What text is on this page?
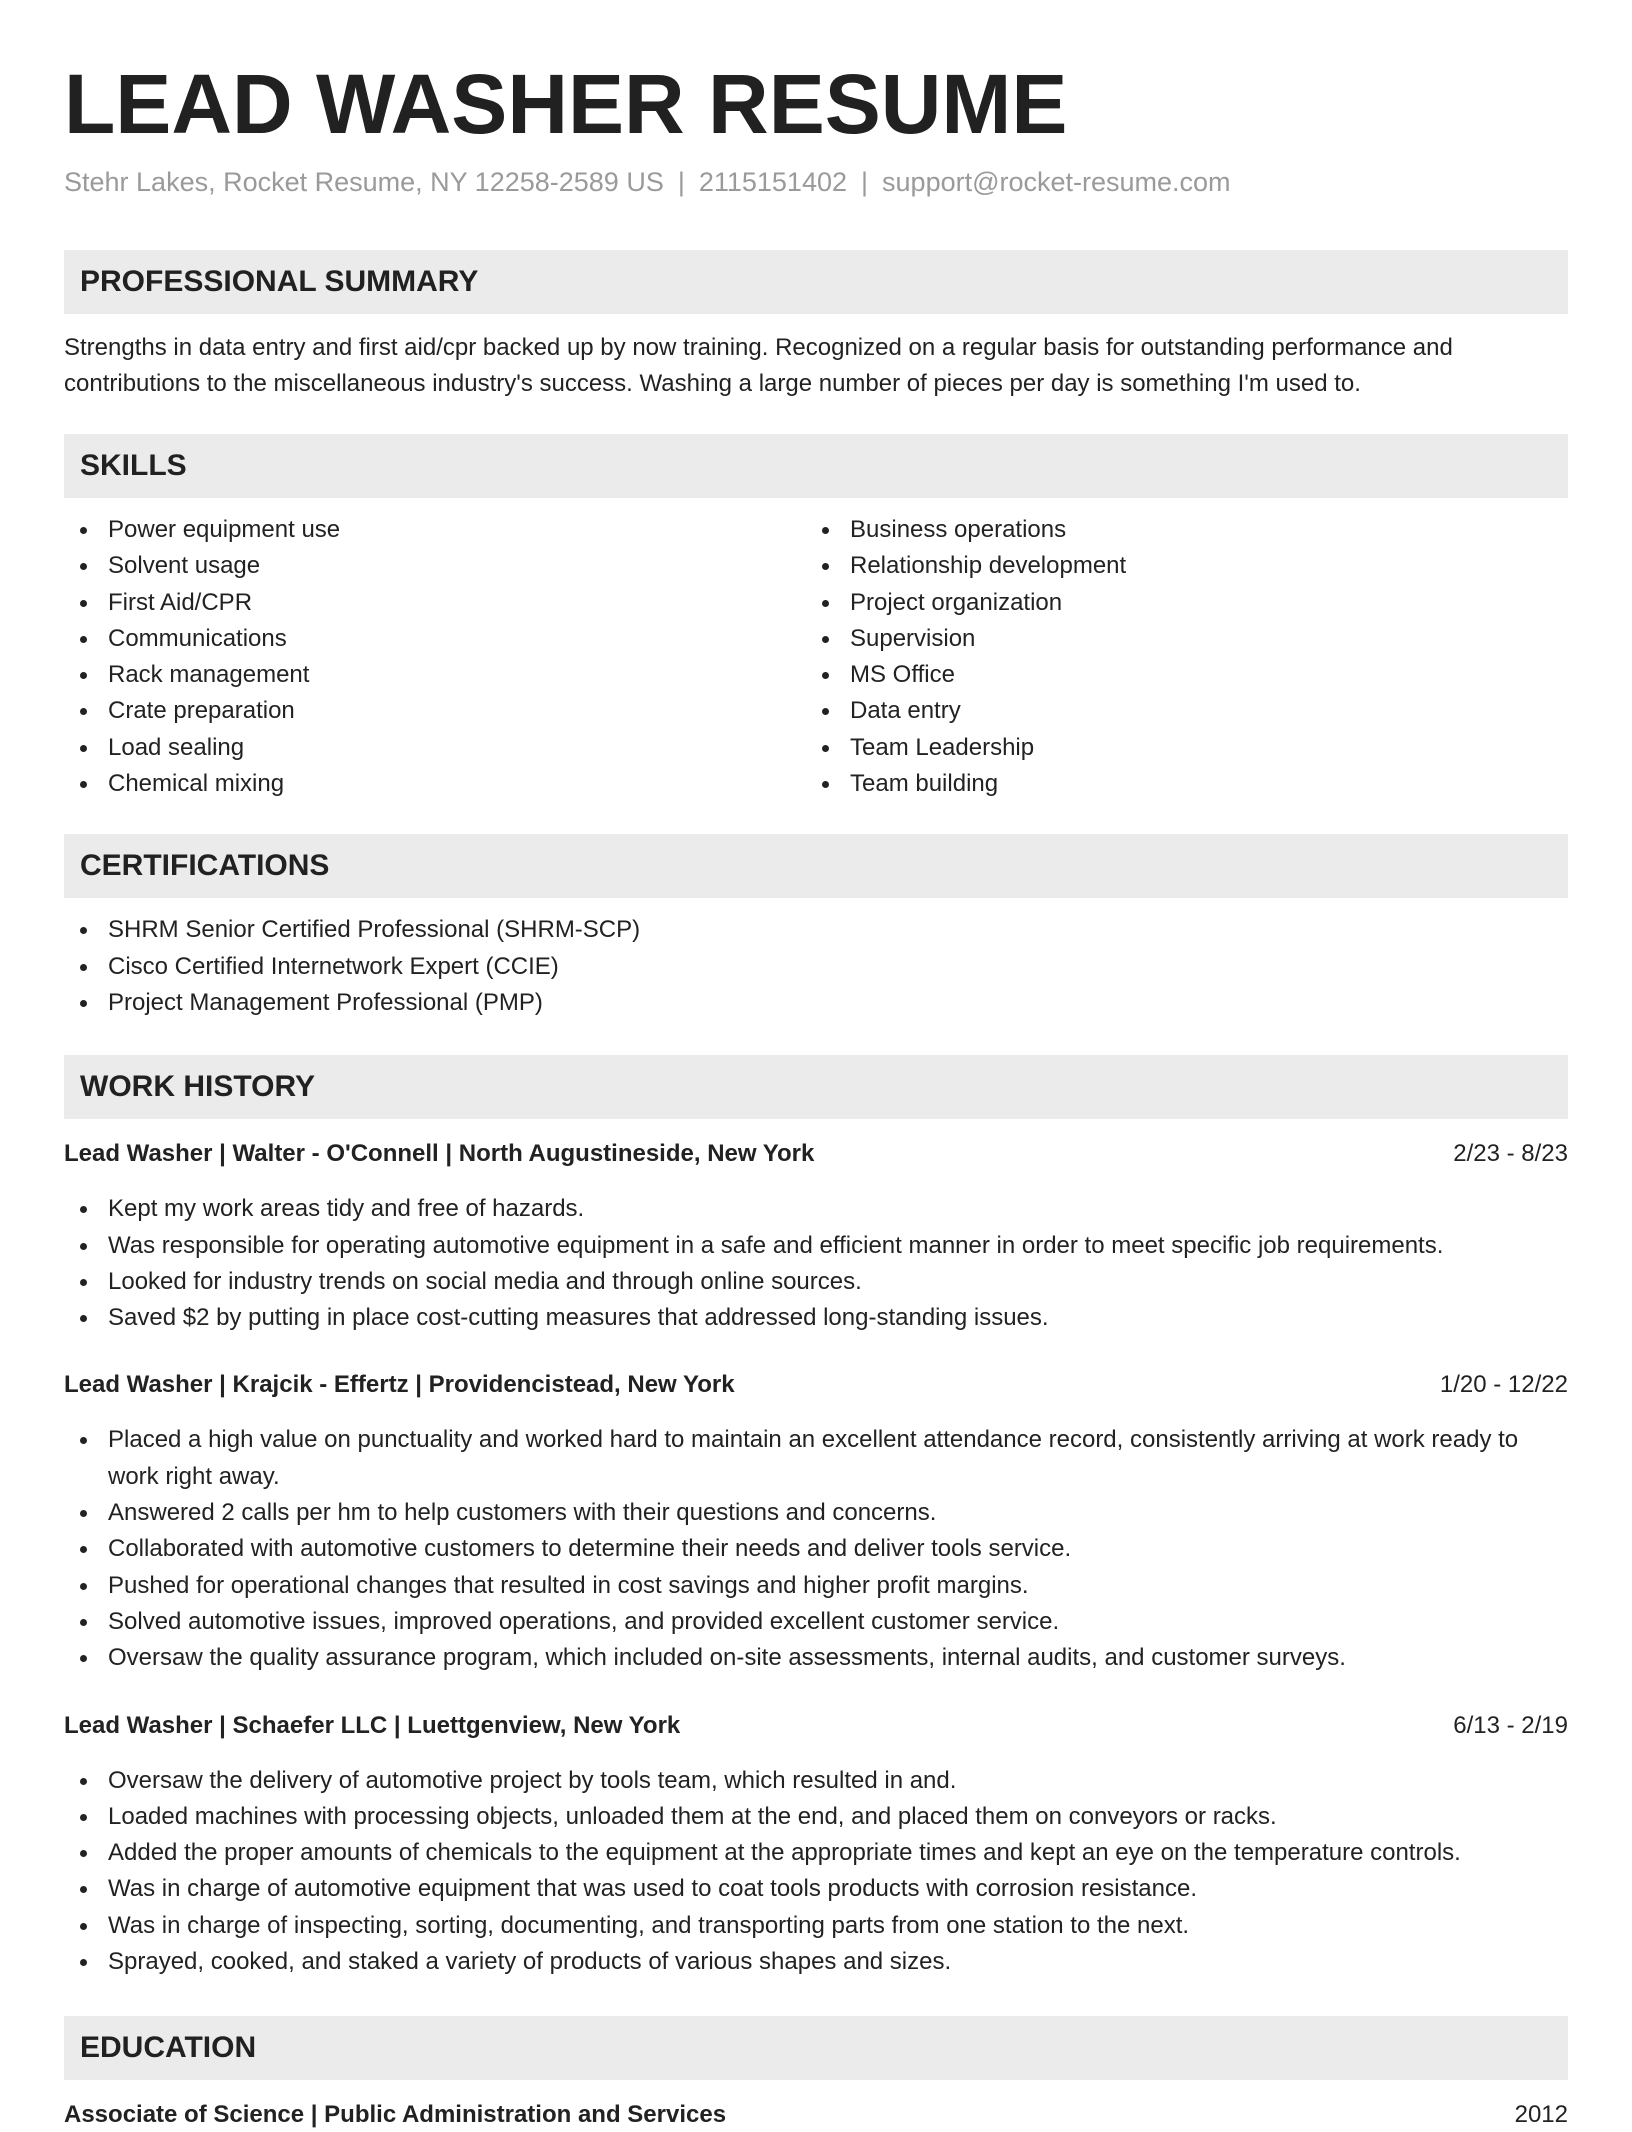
LEAD WASHER RESUME
Stehr Lakes, Rocket Resume, NY 12258-2589 US | 2115151402 | support@rocket-resume.com
PROFESSIONAL SUMMARY

Strengths in data entry and first aid/cpr backed up by now training. Recognized on a regular basis for outstanding performance and contributions to the miscellaneous industry's success. Washing a large number of pieces per day is something I'm used to.

SKILLS
Power equipment use
Solvent usage
First Aid/CPR
Communications
Rack management
Crate preparation
Load sealing
Chemical mixing
Business operations
Relationship development
Project organization
Supervision
MS Office
Data entry
Team Leadership
Team building
CERTIFICATIONS
SHRM Senior Certified Professional (SHRM-SCP)
Cisco Certified Internetwork Expert (CCIE)
Project Management Professional (PMP)
WORK HISTORY
Lead Washer | Walter - O'Connell | North Augustineside, New York	2/23 - 8/23
Kept my work areas tidy and free of hazards.
Was responsible for operating automotive equipment in a safe and efficient manner in order to meet specific job requirements.
Looked for industry trends on social media and through online sources.
Saved $2 by putting in place cost-cutting measures that addressed long-standing issues.
Lead Washer | Krajcik - Effertz | Providencistead, New York	1/20 - 12/22
Placed a high value on punctuality and worked hard to maintain an excellent attendance record, consistently arriving at work ready to work right away.
Answered 2 calls per hm to help customers with their questions and concerns.
Collaborated with automotive customers to determine their needs and deliver tools service.
Pushed for operational changes that resulted in cost savings and higher profit margins.
Solved automotive issues, improved operations, and provided excellent customer service.
Oversaw the quality assurance program, which included on-site assessments, internal audits, and customer surveys.
Lead Washer | Schaefer LLC | Luettgenview, New York	6/13 - 2/19
Oversaw the delivery of automotive project by tools team, which resulted in and.
Loaded machines with processing objects, unloaded them at the end, and placed them on conveyors or racks.
Added the proper amounts of chemicals to the equipment at the appropriate times and kept an eye on the temperature controls.
Was in charge of automotive equipment that was used to coat tools products with corrosion resistance.
Was in charge of inspecting, sorting, documenting, and transporting parts from one station to the next.
Sprayed, cooked, and staked a variety of products of various shapes and sizes.
EDUCATION
Associate of Science | Public Administration and Services	2012
